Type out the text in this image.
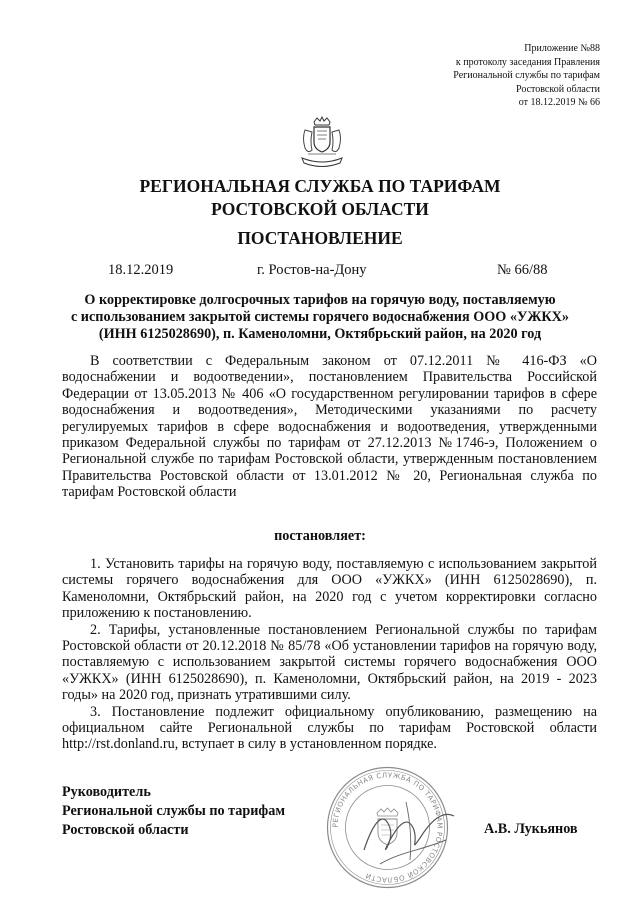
Приложение №88
к протоколу заседания Правления
Региональной службы по тарифам
Ростовской области
от 18.12.2019 № 66
РЕГИОНАЛЬНАЯ СЛУЖБА ПО ТАРИФАМ
РОСТОВСКОЙ ОБЛАСТИ
ПОСТАНОВЛЕНИЕ
18.12.2019	г. Ростов-на-Дону	№ 66/88
О корректировке долгосрочных тарифов на горячую воду, поставляемую
с использованием закрытой системы горячего водоснабжения ООО «УЖКХ»
(ИНН 6125028690), п. Каменоломни, Октябрьский район, на 2020 год
В соответствии с Федеральным законом от 07.12.2011 № 416-ФЗ «О водоснабжении и водоотведении», постановлением Правительства Российской Федерации от 13.05.2013 № 406 «О государственном регулировании тарифов в сфере водоснабжения и водоотведения», Методическими указаниями по расчету регулируемых тарифов в сфере водоснабжения и водоотведения, утвержденными приказом Федеральной службы по тарифам от 27.12.2013 №1746-э, Положением о Региональной службе по тарифам Ростовской области, утвержденным постановлением Правительства Ростовской области от 13.01.2012 № 20, Региональная служба по тарифам Ростовской области
постановляет:

1. Установить тарифы на горячую воду, поставляемую с использованием закрытой системы горячего водоснабжения для ООО «УЖКХ» (ИНН 6125028690), п. Каменоломни, Октябрьский район, на 2020 год с учетом корректировки согласно приложению к постановлению.

2. Тарифы, установленные постановлением Региональной службы по тарифам Ростовской области от 20.12.2018 № 85/78 «Об установлении тарифов на горячую воду, поставляемую с использованием закрытой системы горячего водоснабжения ООО «УЖКХ» (ИНН 6125028690), п. Каменоломни, Октябрьский район, на 2019 - 2023 годы» на 2020 год, признать утратившими силу.

3. Постановление подлежит официальному опубликованию, размещению на официальном сайте Региональной службы по тарифам Ростовской области http://rst.donland.ru, вступает в силу в установленном порядке.

Руководитель
Региональной службы по тарифам
Ростовской области	РЕГИОНАЛЬНАЯ СЛУЖБА ПО ТАРИФАМ РОСТОВСКОЙ ОБЛАСТИ
А.В. Лукьянов
